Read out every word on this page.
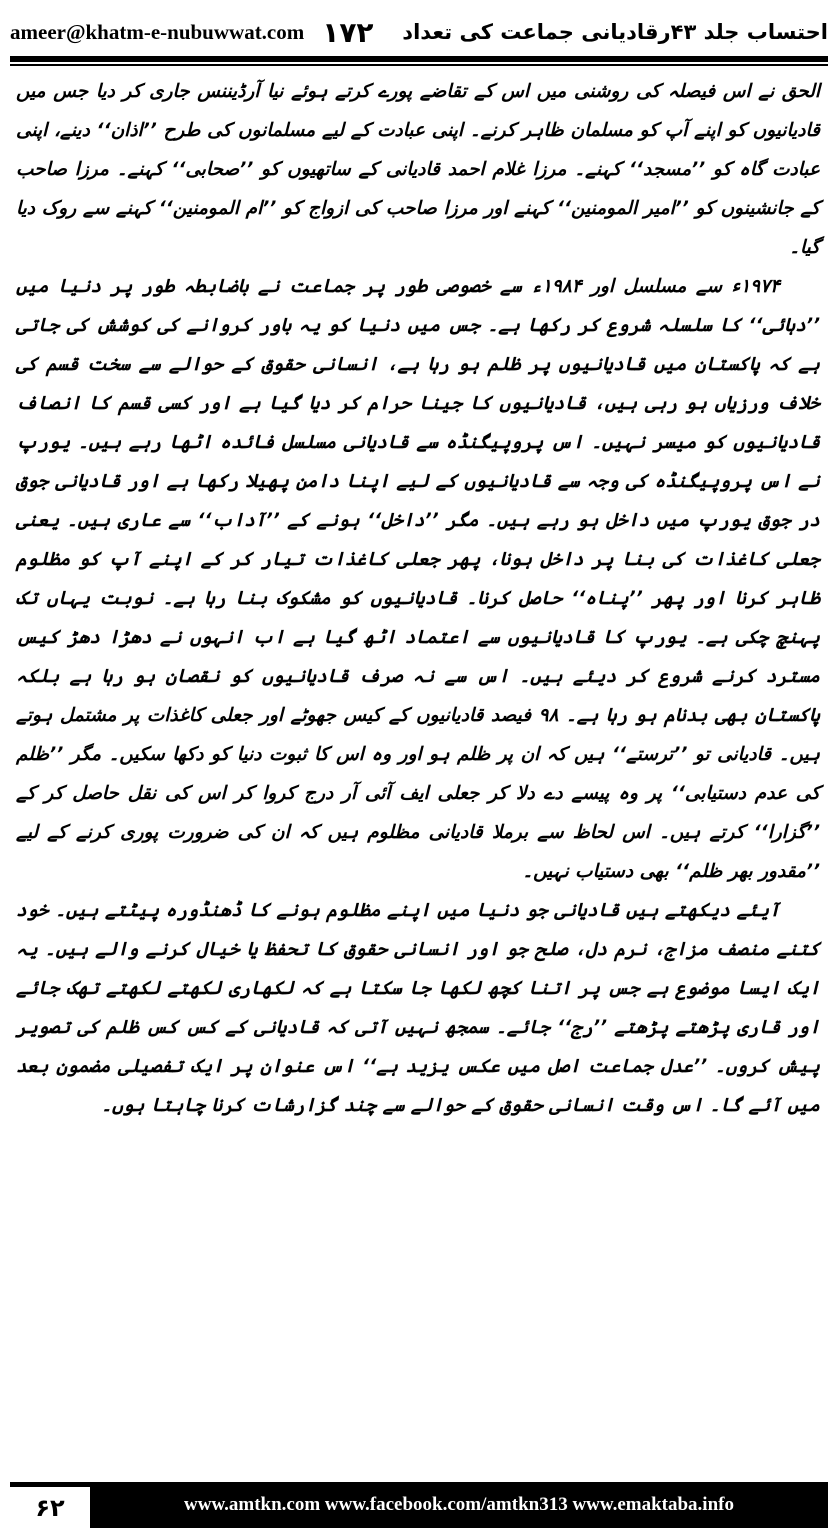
ameer@khatm-e-nubuwwat.com ۱۷۲ احتساب جلد ۴۳رقادیانی جماعت کی تعداد

الحق نے اس فیصلہ کی روشنی میں اس کے تقاضے پورے کرتے ہوئے نیا آرڈیننس جاری کر دیا جس میں قادیانیوں کو اپنے آپ کو مسلمان ظاہر کرنے۔ اپنی عبادت کے لیے مسلمانوں کی طرح ’’اذان‘‘ دینے، اپنی عبادت گاہ کو ’’مسجد‘‘ کہنے۔ مرزا غلام احمد قادیانی کے ساتھیوں کو ’’صحابی‘‘ کہنے۔ مرزا صاحب کے جانشینوں کو ’’امیر المومنین‘‘ کہنے اور مرزا صاحب کی ازواج کو ’’ام المومنین‘‘ کہنے سے روک دیا گیا۔

۱۹۷۴ء سے مسلسل اور ۱۹۸۴ء سے خصوصی طور پر جماعت نے باضابطہ طور پر دنیا میں ’’دہائی‘‘ کا سلسلہ شروع کر رکھا ہے۔ جس میں دنیا کو یہ باور کروانے کی کوشش کی جاتی ہے کہ پاکستان میں قادیانیوں پر ظلم ہو رہا ہے، انسانی حقوق کے حوالے سے سخت قسم کی خلاف ورزیاں ہو رہی ہیں، قادیانیوں کا جینا حرام کر دیا گیا ہے اور کسی قسم کا انصاف قادیانیوں کو میسر نہیں۔ اس پروپیگنڈہ سے قادیانی مسلسل فائدہ اٹھا رہے ہیں۔ یورپ نے اس پروپیگنڈہ کی وجہ سے قادیانیوں کے لیے اپنا دامن پھیلا رکھا ہے اور قادیانی جوق در جوق یورپ میں داخل ہو رہے ہیں۔ مگر ’’داخل‘‘ ہونے کے ’’آداب‘‘ سے عاری ہیں۔ یعنی جعلی کاغذات کی بنا پر داخل ہونا، پھر جعلی کاغذات تیار کر کے اپنے آپ کو مظلوم ظاہر کرنا اور پھر ’’پناہ‘‘ حاصل کرنا۔ قادیانیوں کو مشکوک بنا رہا ہے۔ نوبت یہاں تک پہنچ چکی ہے۔ یورپ کا قادیانیوں سے اعتماد اٹھ گیا ہے اب انہوں نے دھڑا دھڑ کیس مسترد کرنے شروع کر دیئے ہیں۔ اس سے نہ صرف قادیانیوں کو نقصان ہو رہا ہے بلکہ پاکستان بھی بدنام ہو رہا ہے۔ ۹۸ فیصد قادیانیوں کے کیس جھوٹے اور جعلی کاغذات پر مشتمل ہوتے ہیں۔ قادیانی تو ’’ترستے‘‘ ہیں کہ ان پر ظلم ہو اور وہ اس کا ثبوت دنیا کو دکھا سکیں۔ مگر ’’ظلم کی عدم دستیابی‘‘ پر وہ پیسے دے دلا کر جعلی ایف آئی آر درج کروا کر اس کی نقل حاصل کر کے ’’گزارا‘‘ کرتے ہیں۔ اس لحاظ سے برملا قادیانی مظلوم ہیں کہ ان کی ضرورت پوری کرنے کے لیے ’’مقدور بھر ظلم‘‘ بھی دستیاب نہیں۔

آیئے دیکھتے ہیں قادیانی جو دنیا میں اپنے مظلوم ہونے کا ڈھنڈورہ پیٹتے ہیں۔ خود کتنے منصف مزاج، نرم دل، صلح جو اور انسانی حقوق کا تحفظ یا خیال کرنے والے ہیں۔ یہ ایک ایسا موضوع ہے جس پر اتنا کچھ لکھا جا سکتا ہے کہ لکھاری لکھتے لکھتے تھک جائے اور قاری پڑھتے پڑھتے ’’رج‘‘ جائے۔ سمجھ نہیں آتی کہ قادیانی کے کس کس ظلم کی تصویر پیش کروں۔ ’’عدل جماعت اصل میں عکس یزید ہے‘‘ اس عنوان پر ایک تفصیلی مضمون بعد میں آئے گا۔ اس وقت انسانی حقوق کے حوالے سے چند گزارشات کرنا چاہتا ہوں۔

۶۲	www.amtkn.com www.facebook.com/amtkn313 www.emaktaba.info
